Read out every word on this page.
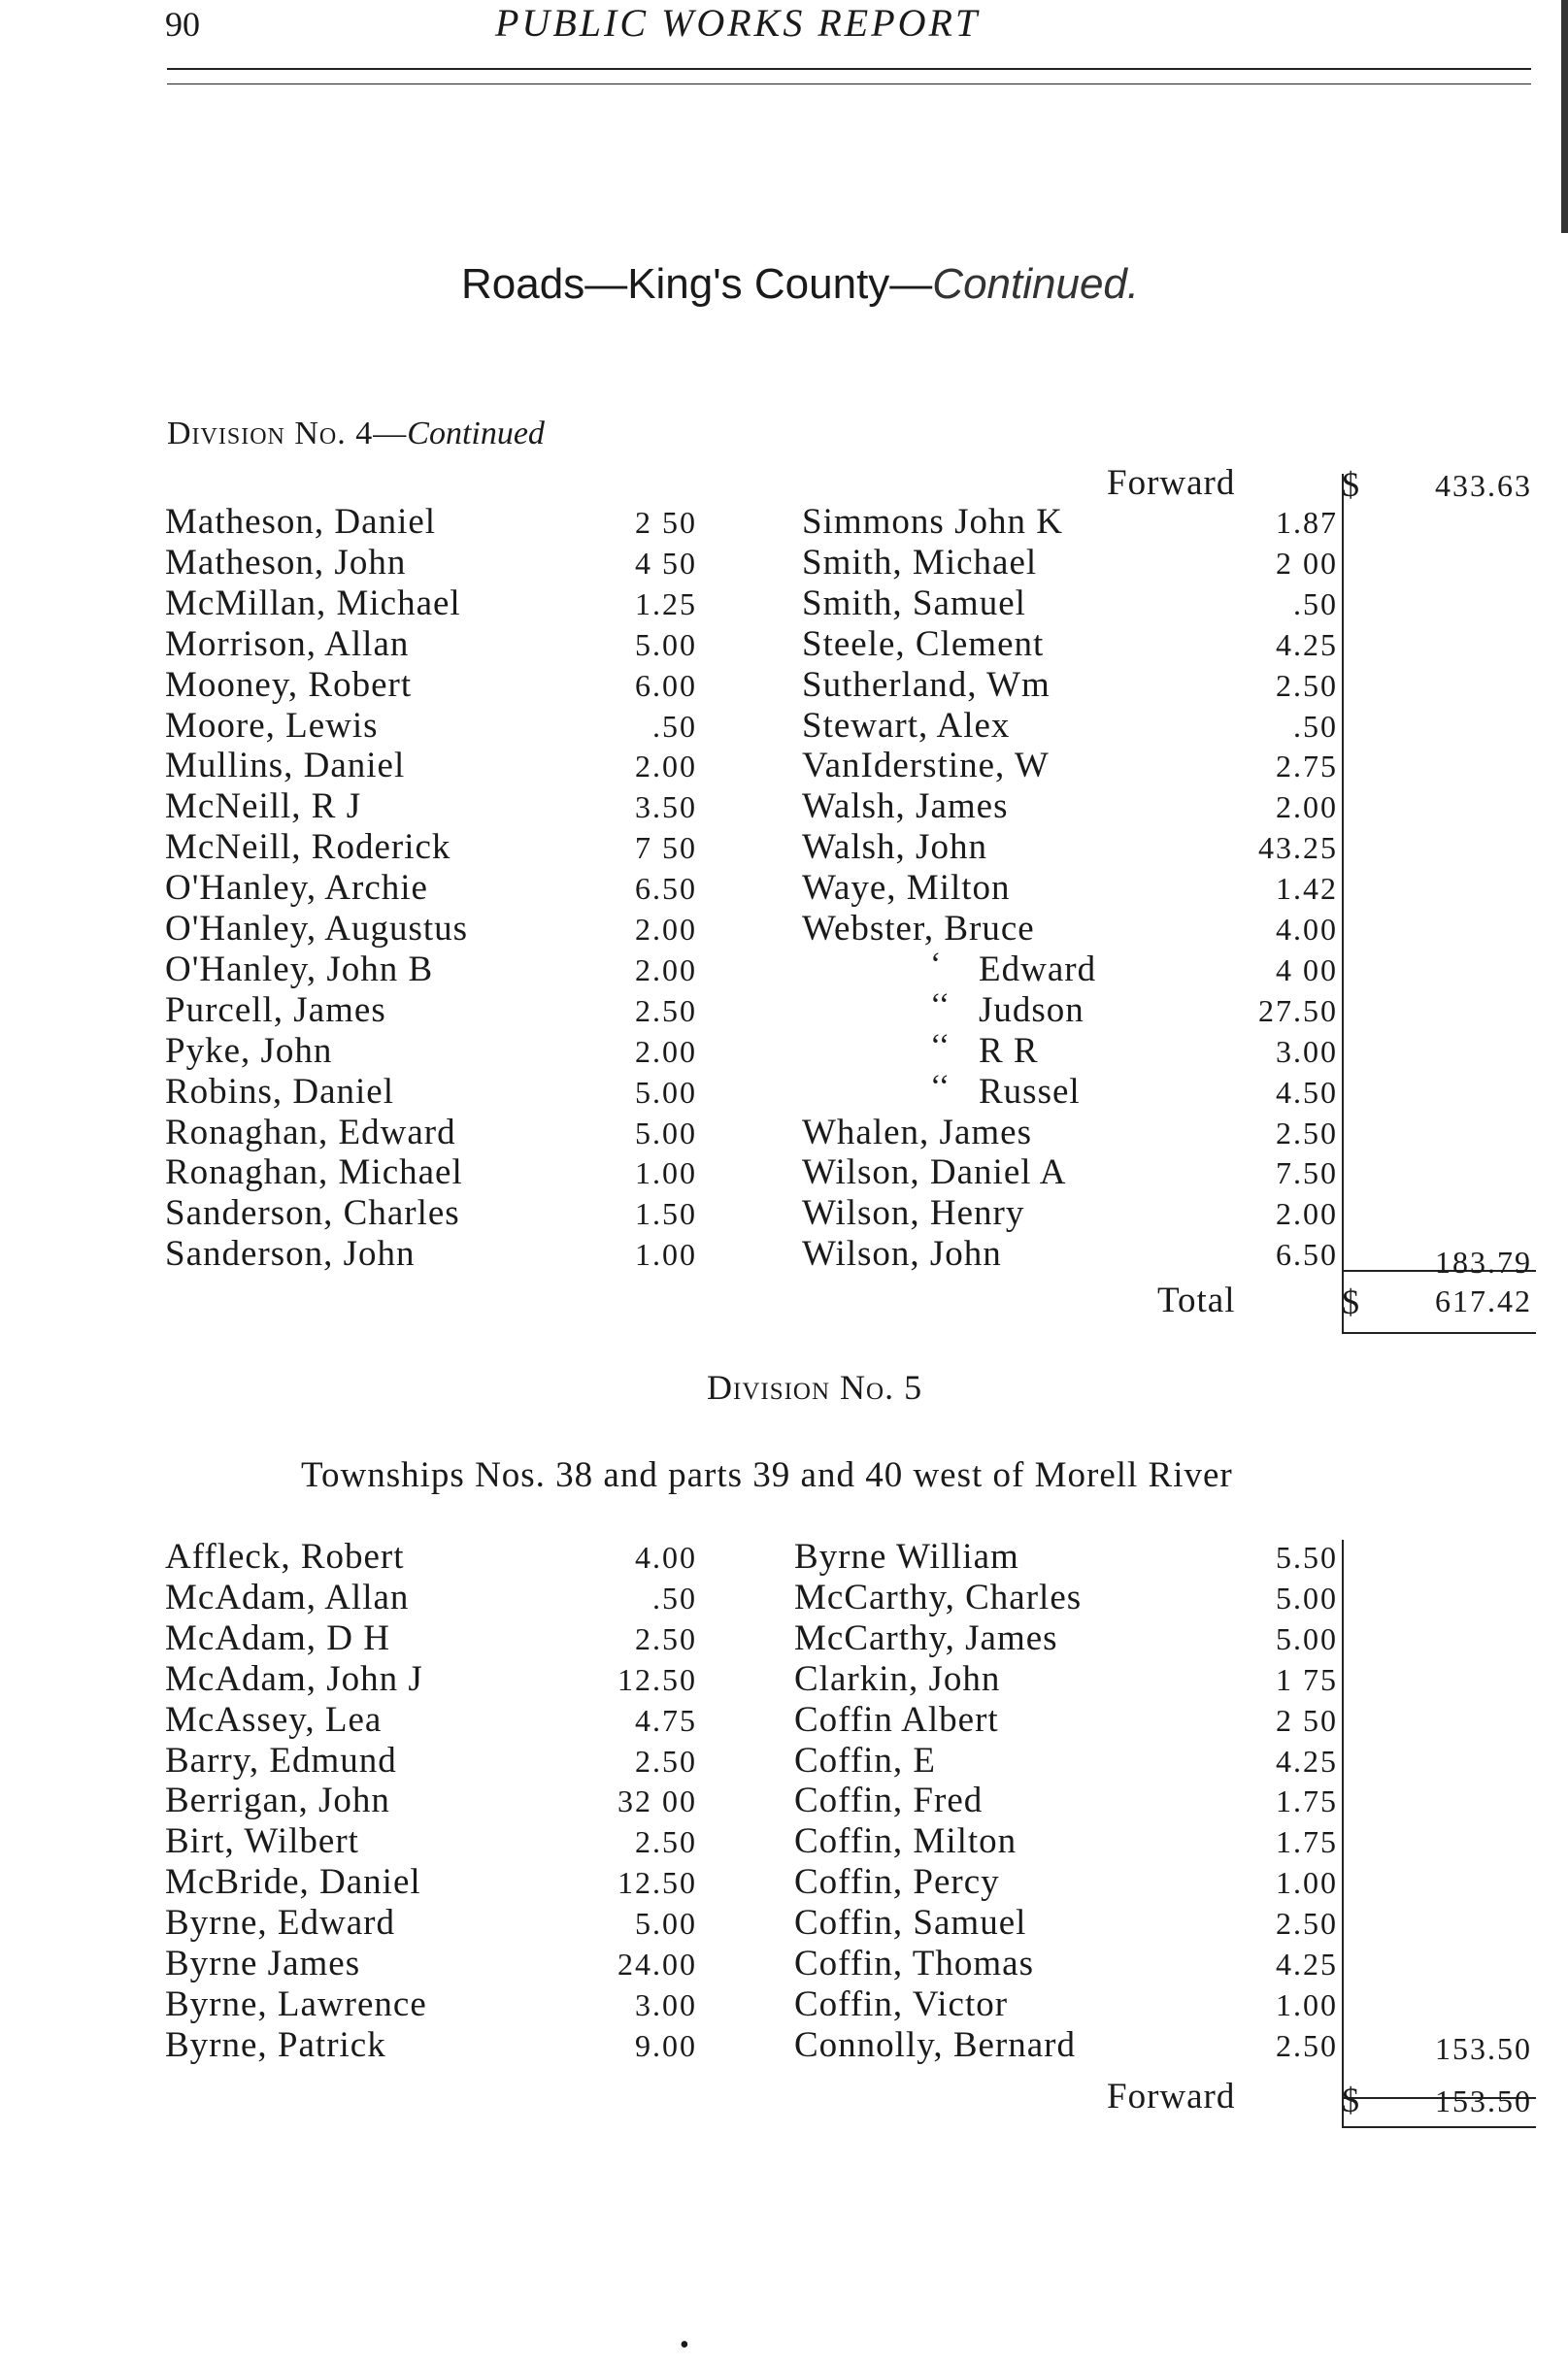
90	PUBLIC WORKS REPORT
Roads—King's County—Continued.
Division No. 4—Continued
Forward	$	433.63
Matheson, Daniel	2 50
Matheson, John	4 50
McMillan, Michael	1.25
Morrison, Allan	5.00
Mooney, Robert	6.00
Moore, Lewis	.50
Mullins, Daniel	2.00
McNeill, R J	3.50
McNeill, Roderick	7 50
O'Hanley, Archie	6.50
O'Hanley, Augustus	2.00
O'Hanley, John B	2.00
Purcell, James	2.50
Pyke, John	2.00
Robins, Daniel	5.00
Ronaghan, Edward	5.00
Ronaghan, Michael	1.00
Sanderson, Charles	1.50
Sanderson, John	1.00
Simmons John K	1.87
Smith, Michael	2 00
Smith, Samuel	.50
Steele, Clement	4.25
Sutherland, Wm	2.50
Stewart, Alex	.50
VanIderstine, W	2.75
Walsh, James	2.00
Walsh, John	43.25
Waye, Milton	1.42
Webster, Bruce	4.00
‘ Edward	4 00
‘‘ Judson	27.50
‘‘ R R	3.00
‘‘ Russel	4.50
Whalen, James	2.50
Wilson, Daniel A	7.50
Wilson, Henry	2.00
Wilson, John	6.50	183.79
Total	$	617.42
Division No. 5
Townships Nos. 38 and parts 39 and 40 west of Morell River
Affleck, Robert	4.00
McAdam, Allan	.50
McAdam, D H	2.50
McAdam, John J	12.50
McAssey, Lea	4.75
Barry, Edmund	2.50
Berrigan, John	32 00
Birt, Wilbert	2.50
McBride, Daniel	12.50
Byrne, Edward	5.00
Byrne James	24.00
Byrne, Lawrence	3.00
Byrne, Patrick	9.00
Byrne William	5.50
McCarthy, Charles	5.00
McCarthy, James	5.00
Clarkin, John	1 75
Coffin Albert	2 50
Coffin, E	4.25
Coffin, Fred	1.75
Coffin, Milton	1.75
Coffin, Percy	1.00
Coffin, Samuel	2.50
Coffin, Thomas	4.25
Coffin, Victor	1.00
Connolly, Bernard	2.50	153.50
Forward	$	153.50
•
